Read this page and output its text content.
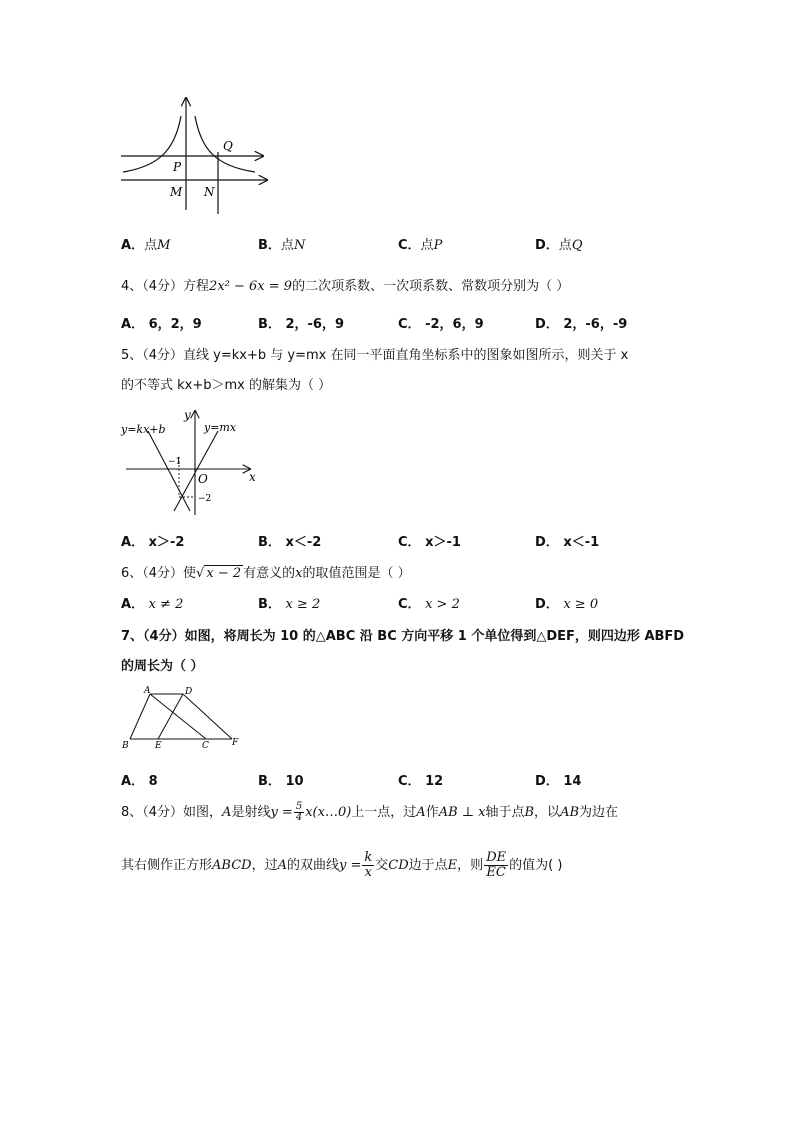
P
Q
M N
A．点M	B．点N	C．点P	D．点Q
4、（4分）方程2x² − 6x = 9的二次项系数、一次项系数、常数项分别为（ ）
A． 6，2，9	B． 2，-6，9	C． -2，6，9	D． 2，-6，-9
5、（4分）直线 y=kx+b 与 y=mx 在同一平面直角坐标系中的图象如图所示，则关于 x
的不等式 kx+b＞mx 的解集为（ ）
y
x
O
y=kx+b	y=mx
−1
−2
A． x＞-2	B． x＜-2	C． x＞-1	D． x＜-1
6、（4分）使√ x − 2 有意义的x的取值范围是（ ）
A． x ≠ 2	B． x ≥ 2	C． x > 2	D． x ≥ 0
7、（4分）如图，将周长为 10 的△ABC 沿 BC 方向平移 1 个单位得到△DEF，则四边形 ABFD
的周长为（ ）
A	D
B	E	C	F
A． 8	B． 10	C． 12	D． 14
8、（4分）如图，A是射线$y = \frac{5}{4}$ x(x…0)上一点，过A作AB ⊥ x轴于点B，以AB为边在
其右侧作正方形ABCD，过A的双曲线$y = \frac{k}{x}$ 交CD边于点E，则 $\frac{DE}{EC}$ 的值为( )
